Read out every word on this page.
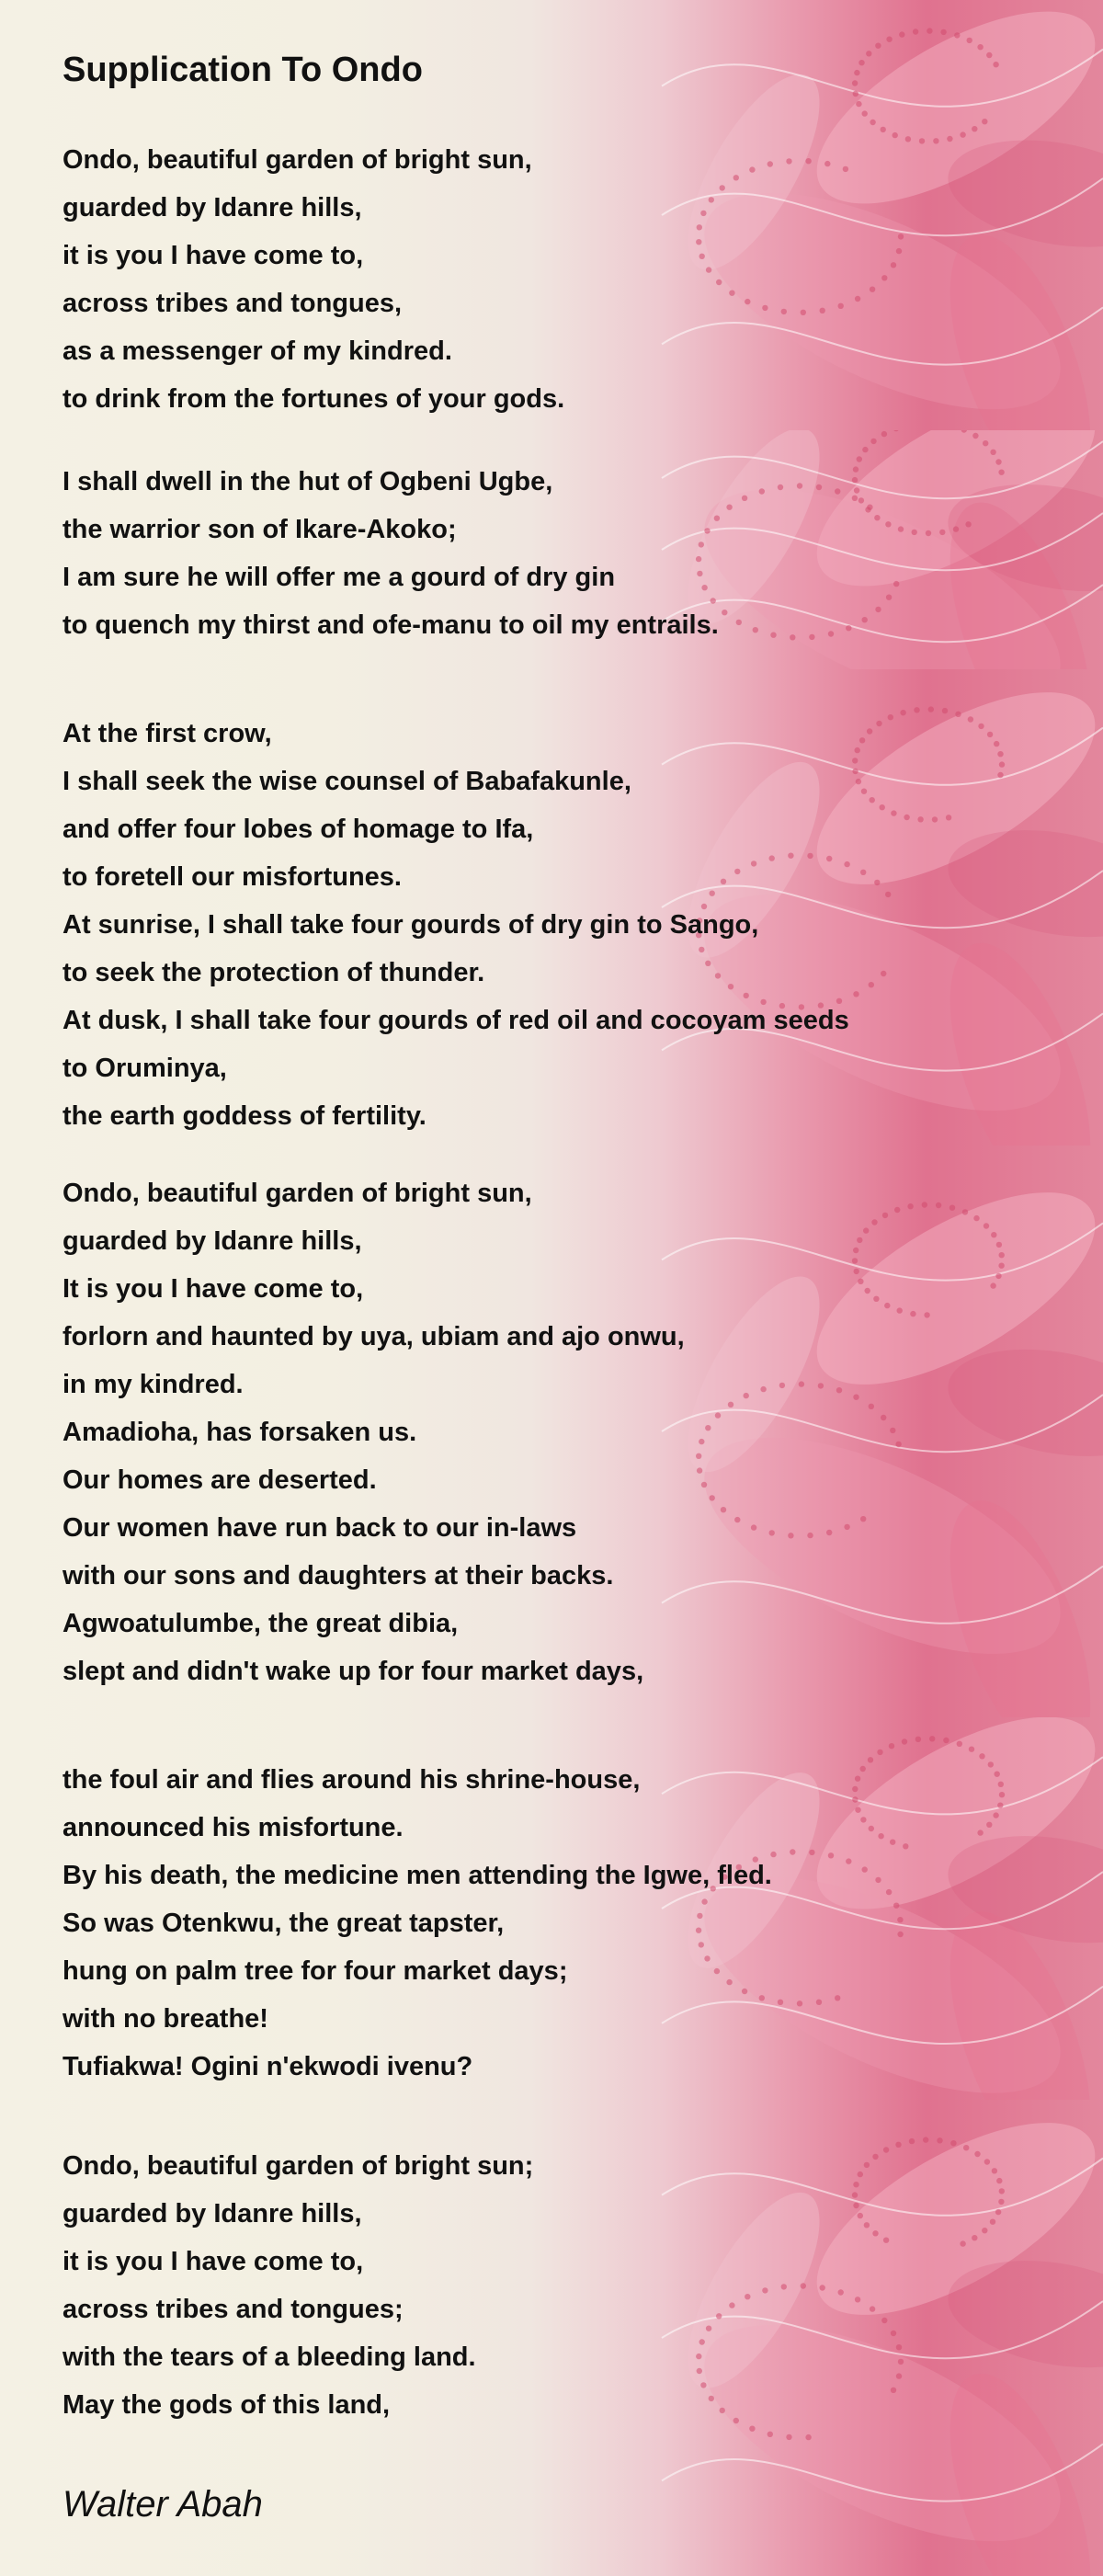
Supplication To Ondo
Ondo, beautiful garden of bright sun,
guarded by Idanre hills,
it is you I have come to,
across tribes and tongues,
as a messenger of my kindred.
to drink from the fortunes of your gods.
I shall dwell in the hut of Ogbeni Ugbe,
the warrior son of Ikare-Akoko;
I am sure he will offer me a gourd of dry gin
to quench my thirst and ofe-manu to oil my entrails.
At the first crow,
I shall seek the wise counsel of Babafakunle,
and offer four lobes of homage to Ifa,
to foretell our misfortunes.
At sunrise, I shall take four gourds of dry gin to Sango,
to seek the protection of thunder.
At dusk, I shall take four gourds of red oil and cocoyam seeds
to Oruminya,
the earth goddess of fertility.
Ondo, beautiful garden of bright sun,
guarded by Idanre hills,
It is you I have come to,
forlorn and haunted by uya, ubiam and ajo onwu,
in my kindred.
Amadioha, has forsaken us.
Our homes are deserted.
Our women have run back to our in-laws
with our sons and daughters at their backs.
Agwoatulumbe, the great dibia,
slept and didn't wake up for four market days,
the foul air and flies around his shrine-house,
announced his misfortune.
By his death, the medicine men attending the Igwe, fled.
So was Otenkwu, the great tapster,
hung on palm tree for four market days;
with no breathe!
Tufiakwa! Ogini n'ekwodi ivenu?
Ondo, beautiful garden of bright sun;
guarded by Idanre hills,
it is you I have come to,
across tribes and tongues;
with the tears of a bleeding land.
May the gods of this land,
Walter Abah
